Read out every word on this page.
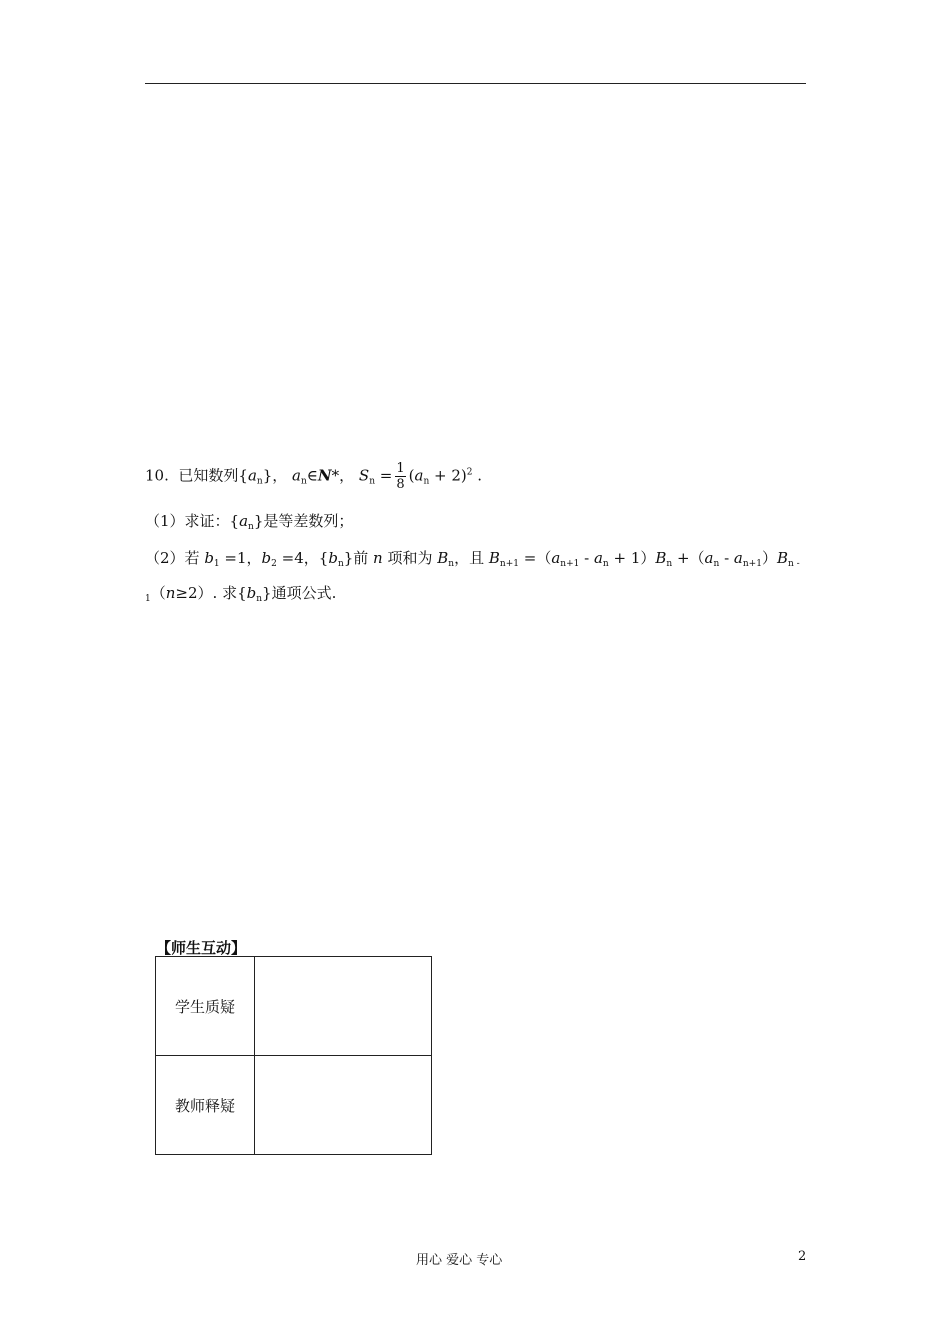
10. 已知数列$\{a_n\}$， $a_n\in N*$， $S_n = \frac{1}{8} (a_n + 2)^2$ .
（1）求证：$\{a_n\}$是等差数列；
（2）若 $b_1 =1$，$b_2 =4$，$\{b_n\}$前 n 项和为 $B_n$，且 $B_{n+1} =(a_{n+1} - a_n + 1)B_n +(a_n - a_{n+1})B_{n -}$
$_1$（n≥2）. 求$\{b_n\}$通项公式.
【师生互动】
学生质疑	
教师释疑	
用心 爱心 专心	2
